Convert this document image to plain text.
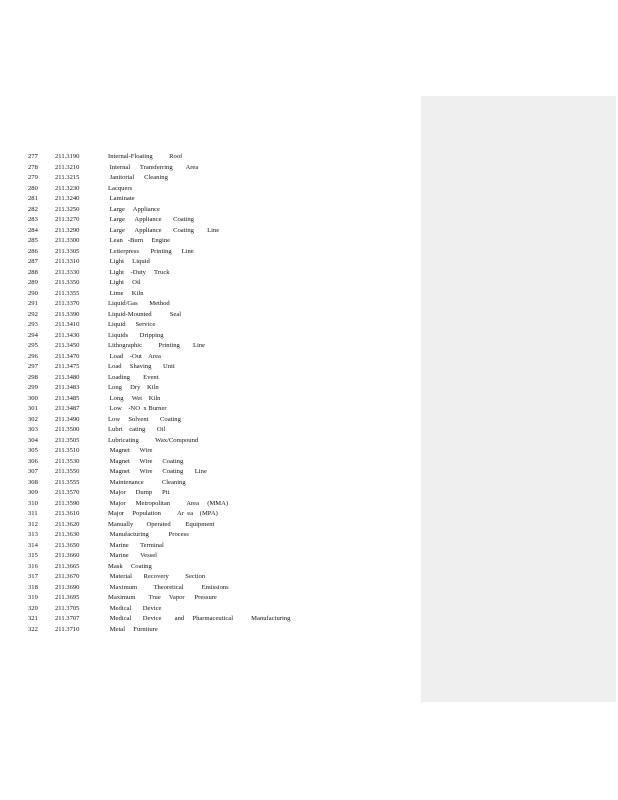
277	211.3190	Internal-Floating          Roof
278	211.3210	Internal      Transferring        Area
279	211.3215	Janitorial      Cleaning
280	211.3230	Lacquers
281	211.3240	Laminate
282	211.3250	Large     Appliance
283	211.3270	Large      Appliance       Coating
284	211.3290	Large      Appliance       Coating        Line
285	211.3300	Lean   -Burn     Engine
286	211.3305	Letterpress       Printing      Line
287	211.3310	Light     Liquid
288	211.3330	Light    -Duty     Truck
289	211.3350	Light     Oil
290	211.3355	Lime     Kiln
291	211.3370	Liquid/Gas       Method
292	211.3390	Liquid-Mounted           Seal
293	211.3410	Liquid      Service
294	211.3430	Liquids       Dripping
295	211.3450	Lithographic          Printing        Line
296	211.3470	Load    -Out    Area
297	211.3475	Load     Shaving       Unit
298	211.3480	Loading        Event
299	211.3483	Long     Dry    Kiln
300	211.3485	Long     Wet    Kiln
301	211.3487	Low    -NO  x Burner
302	211.3490	Low     Solvent       Coating
303	211.3500	Lubri    cating       Oil
304	211.3505	Lubricating          Wax/Compound
305	211.3510	Magnet      Wire
306	211.3530	Magnet      Wire      Coating
307	211.3550	Magnet      Wire      Coating       Line
308	211.3555	Maintenance           Cleaning
309	211.3570	Major      Dump      Pit
310	211.3590	Major      Metropolitan          Area     (MMA)
311	211.3610	Major     Population          Ar  ea    (MPA)
312	211.3620	Manually        Operated         Equipment
313	211.3630	Manufacturing            Process
314	211.3650	Marine       Terminal
315	211.3660	Marine       Vessel
316	211.3665	Mask     Coating
317	211.3670	Material       Recovery          Section
318	211.3690	Maximum          Theoretical           Emissions
319	211.3695	Maximum        True     Vapor      Pressure
320	211.3705	Medical       Device
321	211.3707	Medical       Device        and     Pharmaceutical           Manufacturing
322	211.3710	Metal     Furniture
